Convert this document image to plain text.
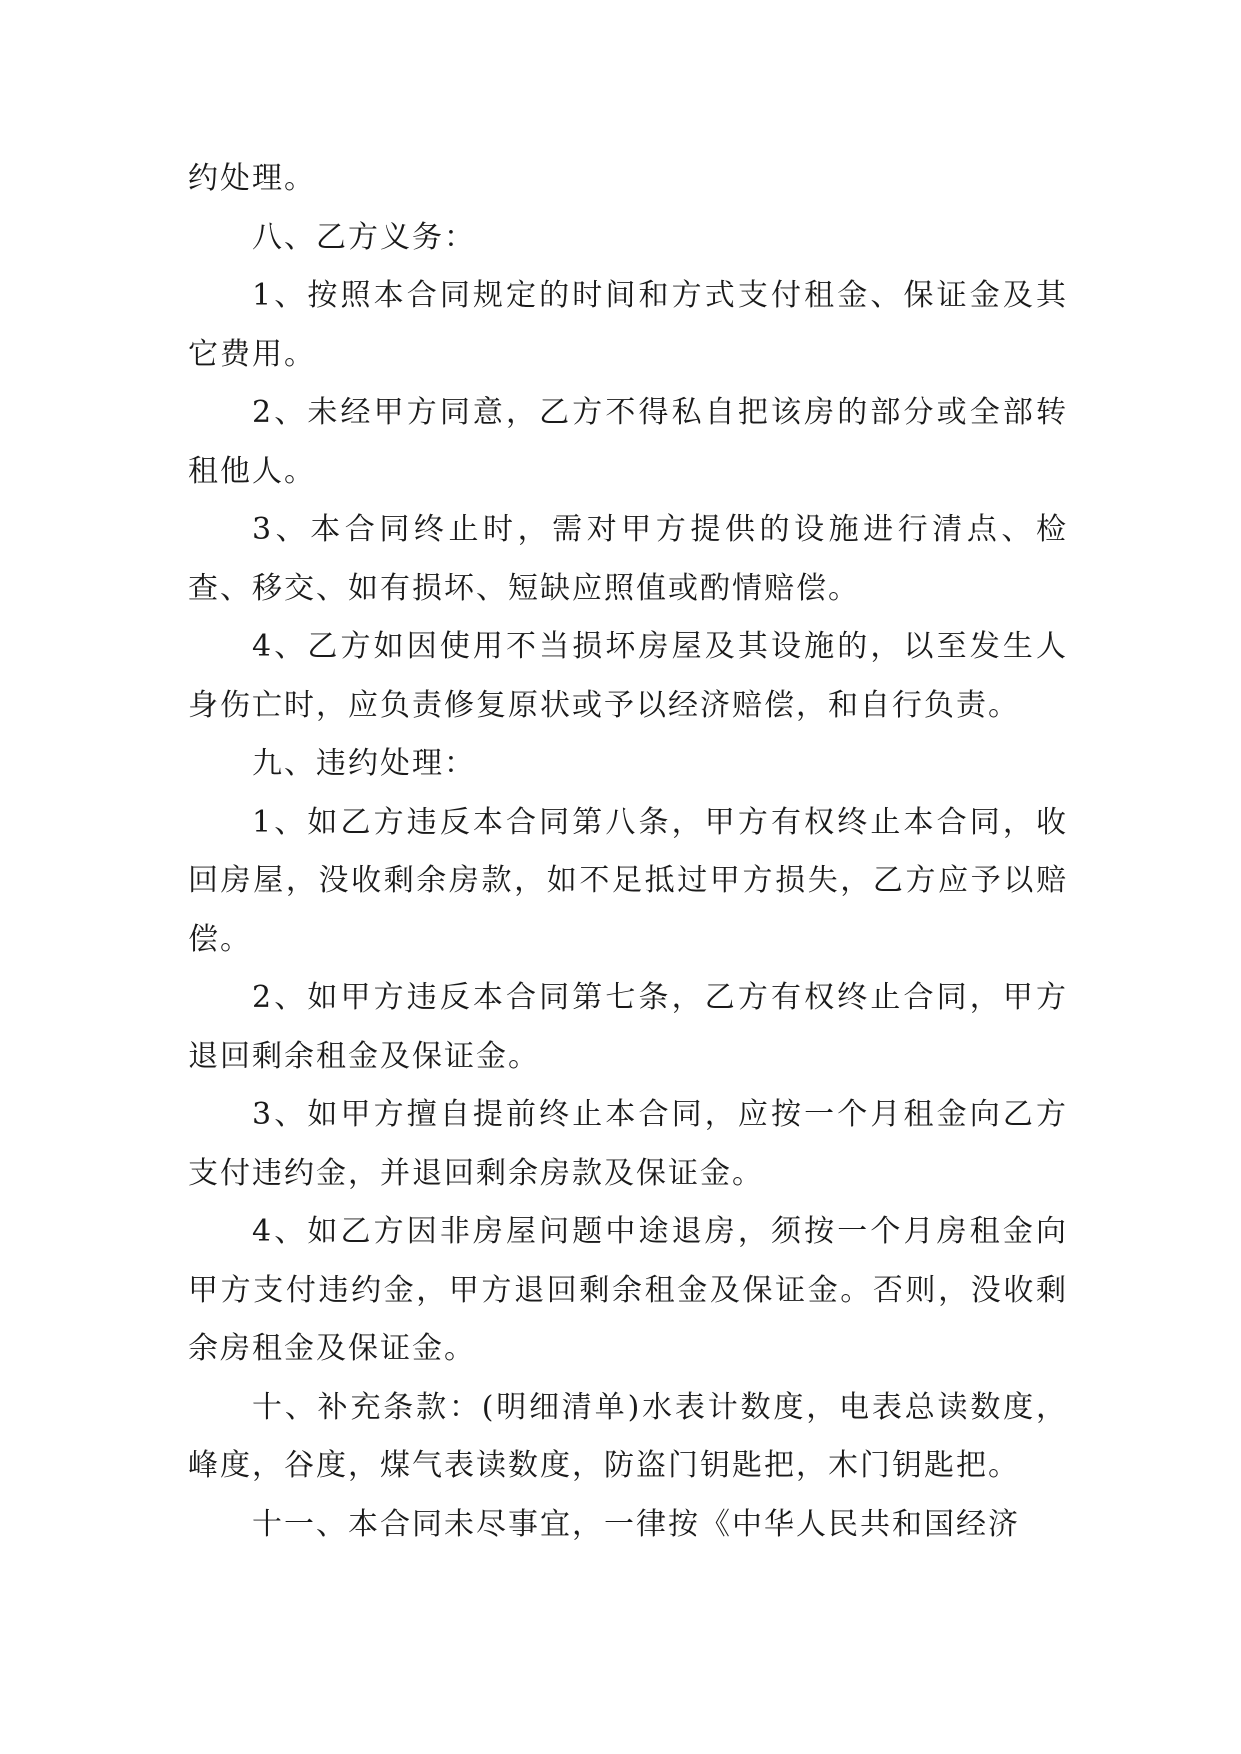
约处理。

八、乙方义务：

1、按照本合同规定的时间和方式支付租金、保证金及其它费用。

2、未经甲方同意，乙方不得私自把该房的部分或全部转租他人。

3、本合同终止时，需对甲方提供的设施进行清点、检查、移交、如有损坏、短缺应照值或酌情赔偿。

4、乙方如因使用不当损坏房屋及其设施的，以至发生人身伤亡时，应负责修复原状或予以经济赔偿，和自行负责。

九、违约处理：

1、如乙方违反本合同第八条，甲方有权终止本合同，收回房屋，没收剩余房款，如不足抵过甲方损失，乙方应予以赔偿。

2、如甲方违反本合同第七条，乙方有权终止合同，甲方退回剩余租金及保证金。

3、如甲方擅自提前终止本合同，应按一个月租金向乙方支付违约金，并退回剩余房款及保证金。

4、如乙方因非房屋问题中途退房，须按一个月房租金向甲方支付违约金，甲方退回剩余租金及保证金。否则，没收剩余房租金及保证金。

十、补充条款：(明细清单)水表计数度，电表总读数度，峰度，谷度，煤气表读数度，防盗门钥匙把，木门钥匙把。

十一、本合同未尽事宜，一律按《中华人民共和国经济
